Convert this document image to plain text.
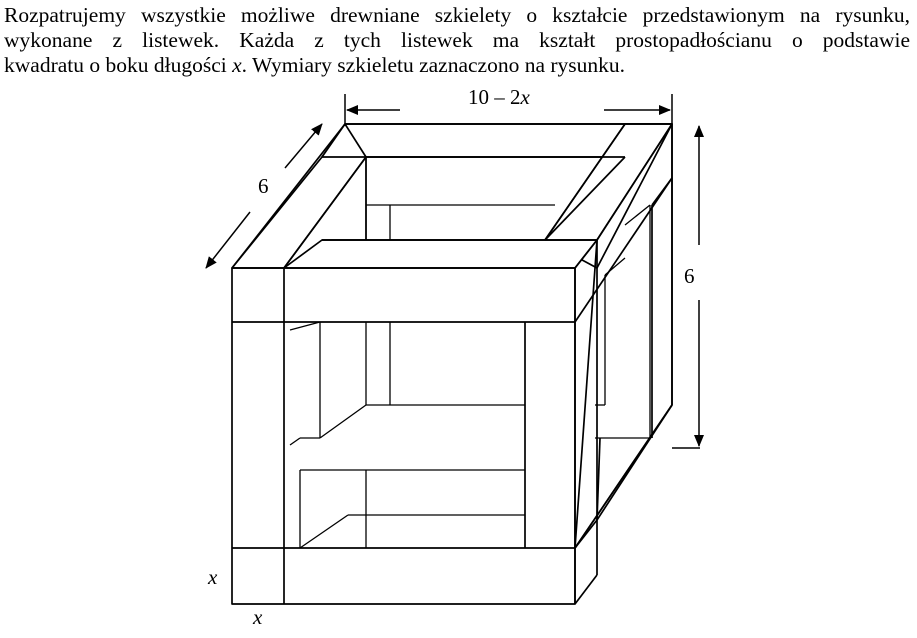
Rozpatrujemy wszystkie możliwe drewniane szkielety o kształcie przedstawionym na rysunku,
wykonane z listewek. Każda z tych listewek ma kształt prostopadłościanu o podstawie
kwadratu o boku długości x. Wymiary szkieletu zaznaczono na rysunku.
10 – 2x
6
6
x
x
